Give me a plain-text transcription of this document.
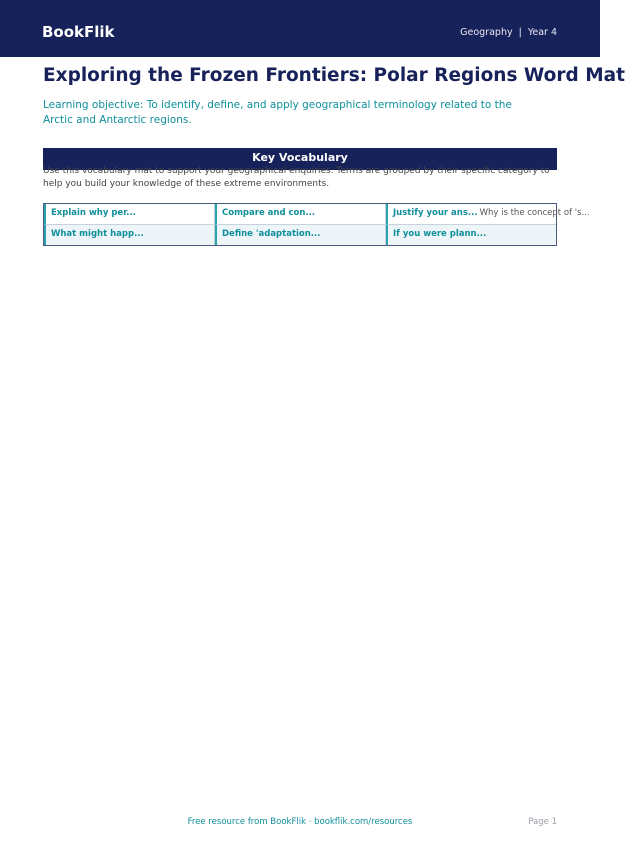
BookFlik	Geography | Year 4
Exploring the Frozen Frontiers: Polar Regions Word Mat

Learning objective: To identify, define, and apply geographical terminology related to the Arctic and Antarctic regions.

Key Vocabulary
Use this vocabulary mat to support your geographical enquiries. Terms are grouped by their specific category to help you build your knowledge of these extreme environments.
Explain why per...	Compare and con...	Justify your ans... Why is the concept of 's...
What might happ...	Define 'adaptation...	If you were plann...
Free resource from BookFlik · bookflik.com/resources	Page 1
